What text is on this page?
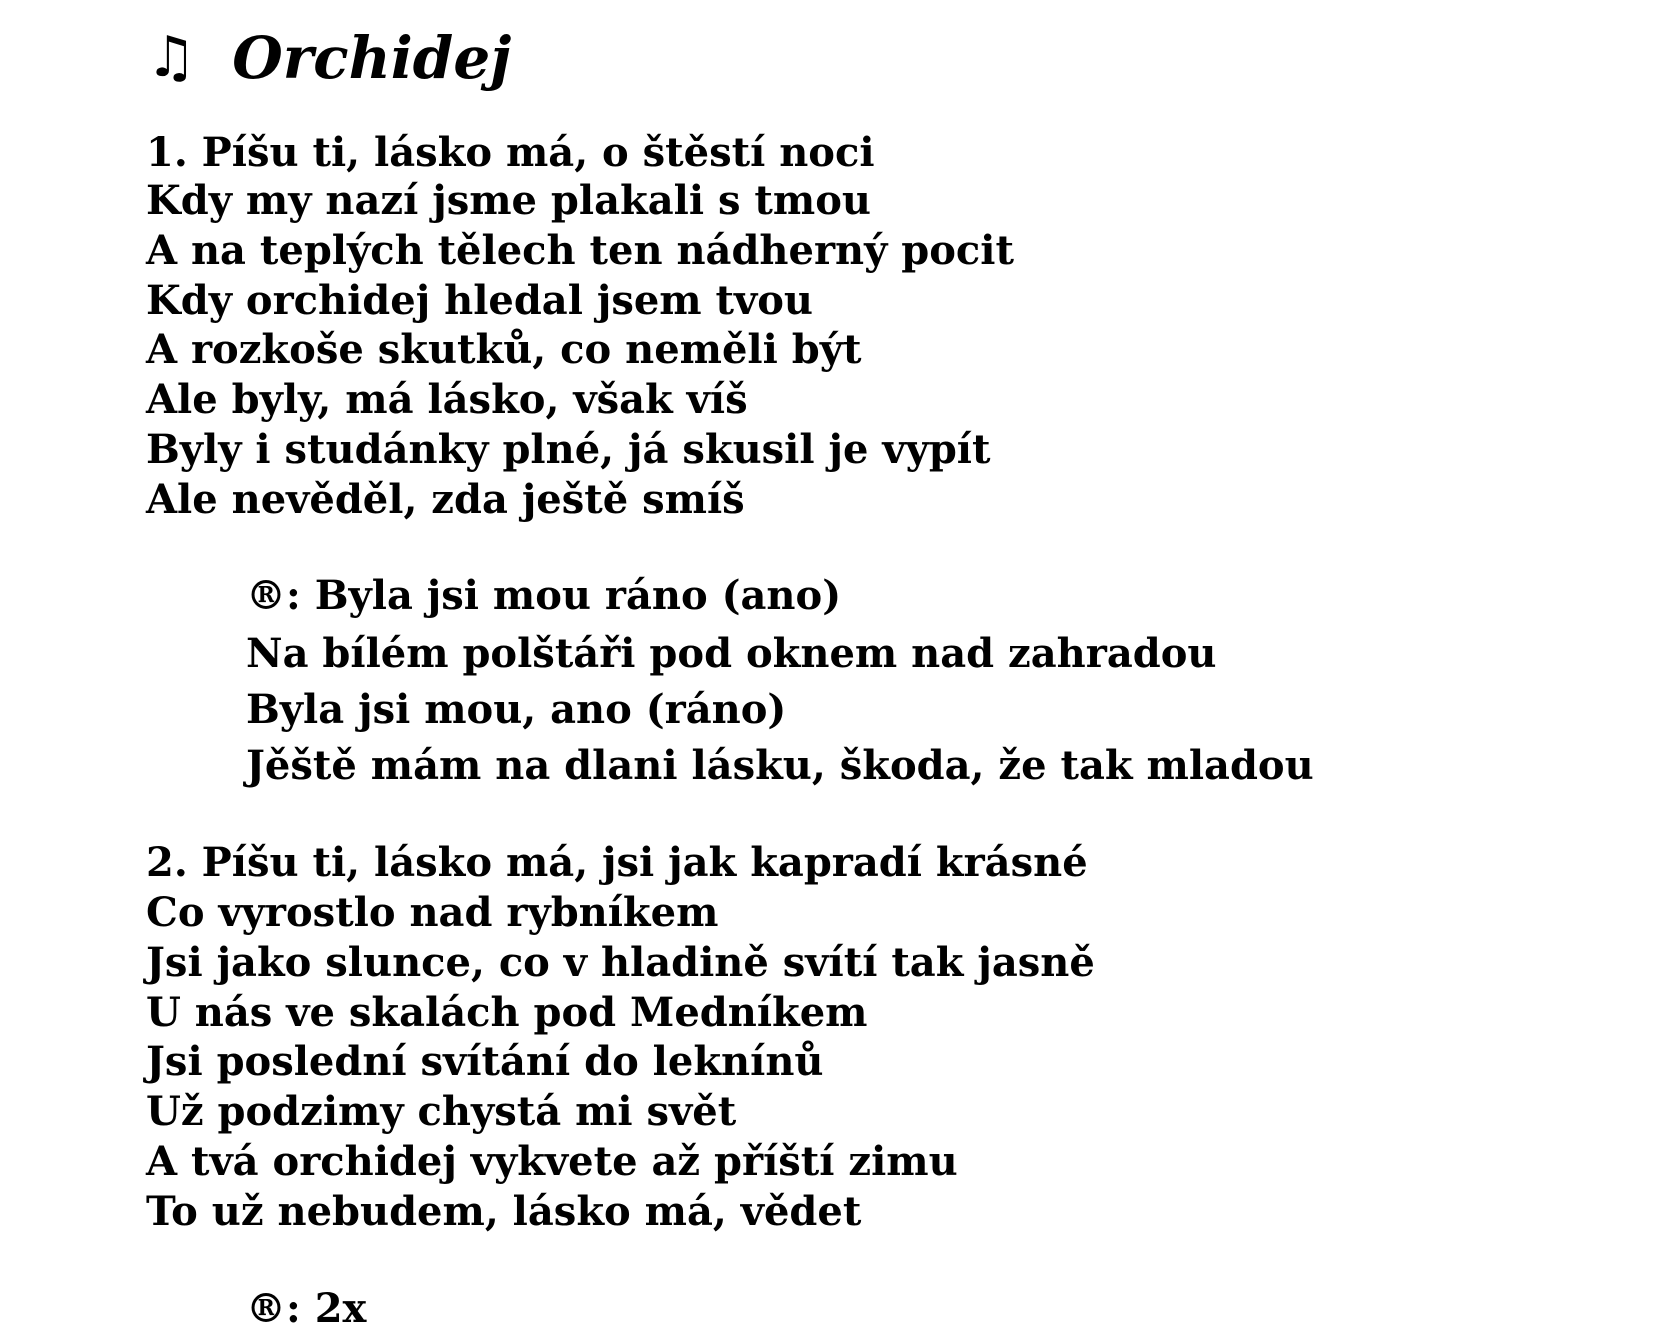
♫ Orchidej
1. Píšu ti, lásko má, o štěstí noci
Kdy my nazí jsme plakali s tmou
A na teplých tělech ten nádherný pocit
Kdy orchidej hledal jsem tvou
A rozkoše skutků, co neměli být
Ale byly, má lásko, však víš
Byly i studánky plné, já skusil je vypít
Ale nevěděl, zda ještě smíš
®: Byla jsi mou ráno (ano)
Na bílém polštáři pod oknem nad zahradou
Byla jsi mou, ano (ráno)
Jěště mám na dlani lásku, škoda, že tak mladou
2. Píšu ti, lásko má, jsi jak kapradí krásné
Co vyrostlo nad rybníkem
Jsi jako slunce, co v hladině svítí tak jasně
U nás ve skalách pod Medníkem
Jsi poslední svítání do leknínů
Už podzimy chystá mi svět
A tvá orchidej vykvete až příští zimu
To už nebudem, lásko má, vědet
®: 2x
